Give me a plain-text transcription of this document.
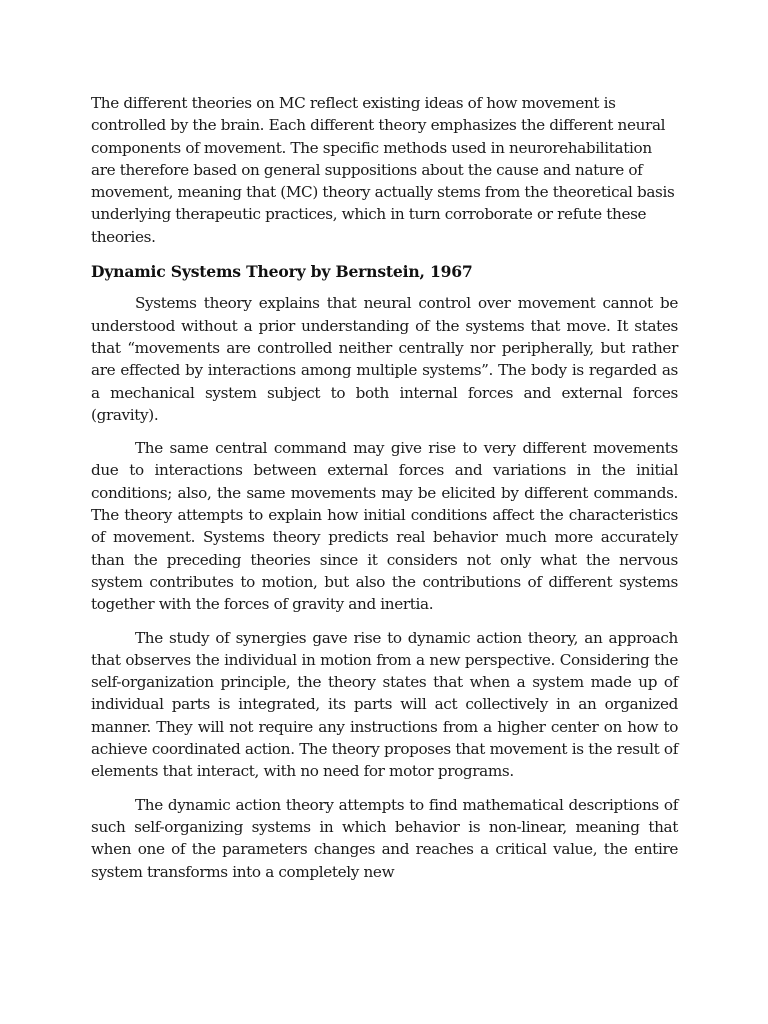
The different theories on MC reflect existing ideas of how movement is controlled by the brain. Each different theory emphasizes the different neural components of movement. The specific methods used in neurorehabilitation are therefore based on general suppositions about the cause and nature of movement, meaning that (MC) theory actually stems from the theoretical basis underlying therapeutic practices, which in turn corroborate or refute these theories.

Dynamic Systems Theory by Bernstein, 1967

Systems theory explains that neural control over movement cannot be understood without a prior understanding of the systems that move. It states that “movements are controlled neither centrally nor peripherally, but rather are effected by interactions among multiple systems”. The body is regarded as a mechanical system subject to both internal forces and external forces (gravity).

The same central command may give rise to very different movements due to interactions between external forces and variations in the initial conditions; also, the same movements may be elicited by different commands. The theory attempts to explain how initial conditions affect the characteristics of movement. Systems theory predicts real behavior much more accurately than the preceding theories since it considers not only what the nervous system contributes to motion, but also the contributions of different systems together with the forces of gravity and inertia.

The study of synergies gave rise to dynamic action theory, an approach that observes the individual in motion from a new perspective. Considering the self-organization principle, the theory states that when a system made up of individual parts is integrated, its parts will act collectively in an organized manner. They will not require any instructions from a higher center on how to achieve coordinated action. The theory proposes that movement is the result of elements that interact, with no need for motor programs.

The dynamic action theory attempts to find mathematical descriptions of such self-organizing systems in which behavior is non-linear, meaning that when one of the parameters changes and reaches a critical value, the entire system transforms into a completely new
